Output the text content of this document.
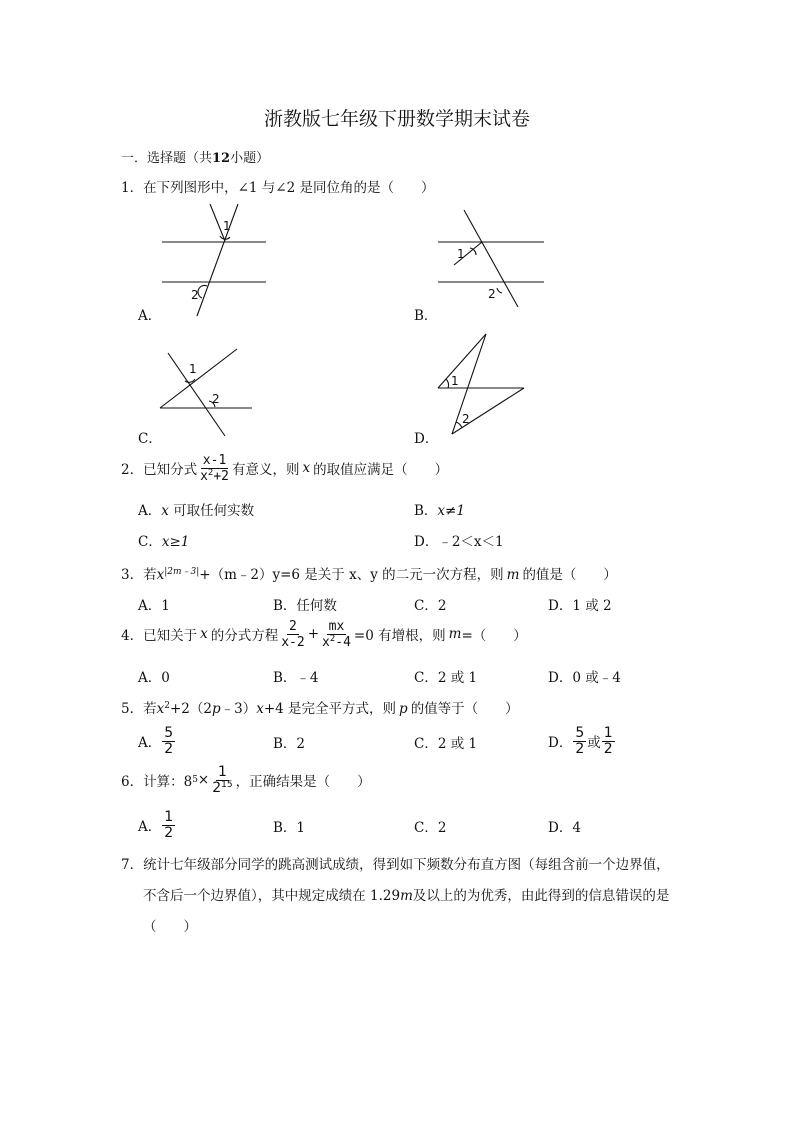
浙教版七年级下册数学期末试卷
一．选择题（共12小题）
1．在下列图形中，∠1 与∠2 是同位角的是（　　）
1
2
A．
1
2
B．
1
2
C．
1
2
D．
2．已知分式 $\frac{x-1}{x^2+2}$ 有意义，则 x 的取值应满足（　　）
A．x 可取任何实数	B．x≠1
C．x≥1	D．﹣2＜x＜1
3．若$x^{|2m﹣3|}+(m﹣2)y=6$ 是关于 x、y 的二元一次方程，则 m 的值是（　　）
A．1	B．任何数	C．2	D．1 或 2
4．已知关于 x 的分式方程 $\frac{2}{x-2} + \frac{mx}{x^2-4} =0$ 有增根，则 m =（　　）
A．0	B．﹣4	C．2 或 1	D．0 或﹣4
5．若$x^2+2(2p﹣3)x+4$ 是完全平方式，则 p 的值等于（　　）
A． $\frac{5}{2}$	B．2	C．2 或 1	D． $\frac{5}{2}$ 或 $\frac{1}{2}$
6．计算：8 $5 \times \frac{1}{2^{15}}$ ，正确结果是（　　）
A． $\frac{1}{2}$	B．1	C．2	D．4
7．统计七年级部分同学的跳高测试成绩，得到如下频数分布直方图（每组含前一个边界值，
不含后一个边界值），其中规定成绩在 1.29m及以上的为优秀，由此得到的信息错误的是
（　　）
